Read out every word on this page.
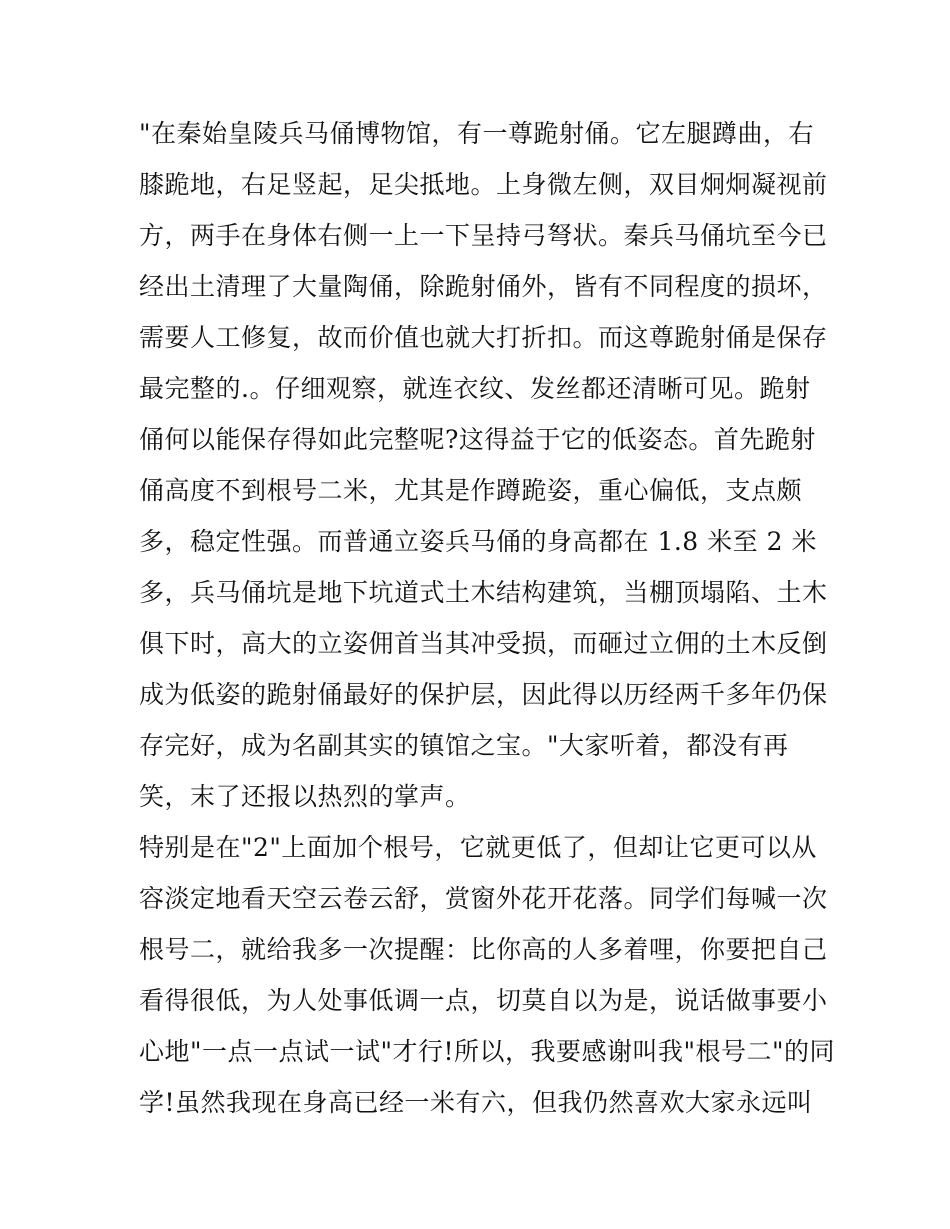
"在秦始皇陵兵马俑博物馆，有一尊跪射俑。它左腿蹲曲，右
膝跪地，右足竖起，足尖抵地。上身微左侧，双目炯炯凝视前
方，两手在身体右侧一上一下呈持弓弩状。秦兵马俑坑至今已
经出土清理了大量陶俑，除跪射俑外，皆有不同程度的损坏，
需要人工修复，故而价值也就大打折扣。而这尊跪射俑是保存
最完整的.。仔细观察，就连衣纹、发丝都还清晰可见。跪射
俑何以能保存得如此完整呢?这得益于它的低姿态。首先跪射
俑高度不到根号二米，尤其是作蹲跪姿，重心偏低，支点颇
多，稳定性强。而普通立姿兵马俑的身高都在 1.8 米至 2 米
多，兵马俑坑是地下坑道式土木结构建筑，当棚顶塌陷、土木
俱下时，高大的立姿佣首当其冲受损，而砸过立佣的土木反倒
成为低姿的跪射俑最好的保护层，因此得以历经两千多年仍保
存完好，成为名副其实的镇馆之宝。"大家听着，都没有再
笑，末了还报以热烈的掌声。
特别是在"2"上面加个根号，它就更低了，但却让它更可以从
容淡定地看天空云卷云舒，赏窗外花开花落。同学们每喊一次
根号二，就给我多一次提醒：比你高的人多着哩，你要把自己
看得很低，为人处事低调一点，切莫自以为是，说话做事要小
心地"一点一点试一试"才行!所以，我要感谢叫我"根号二"的同
学!虽然我现在身高已经一米有六，但我仍然喜欢大家永远叫
